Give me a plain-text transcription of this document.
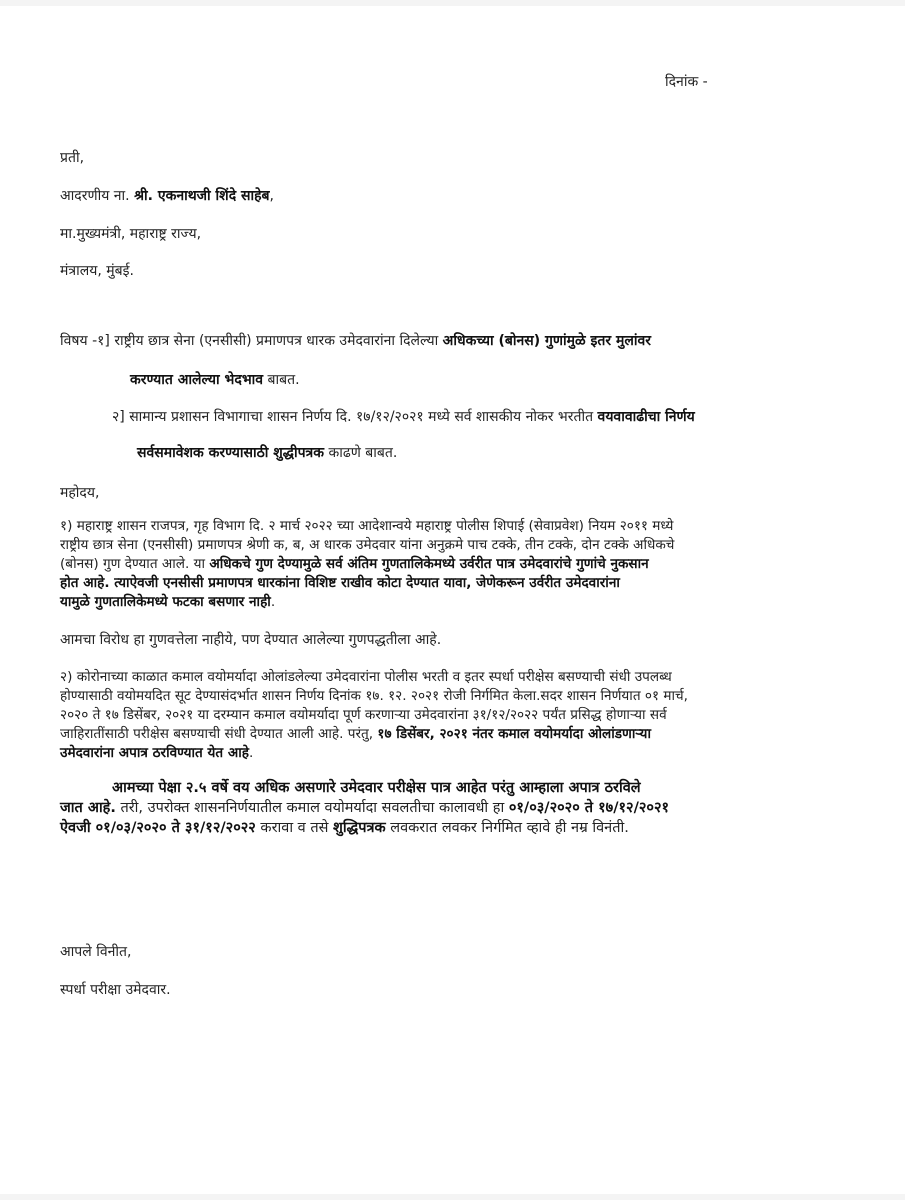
दिनांक -
प्रती,
आदरणीय ना. श्री. एकनाथजी शिंदे साहेब,
मा.मुख्यमंत्री, महाराष्ट्र राज्य,
मंत्रालय, मुंबई.
विषय -१] राष्ट्रीय छात्र सेना (एनसीसी) प्रमाणपत्र धारक उमेदवारांना दिलेल्या अधिकच्या (बोनस) गुणांमुळे इतर मुलांवर
करण्यात आलेल्या भेदभाव बाबत.
२] सामान्य प्रशासन विभागाचा शासन निर्णय दि. १७/१२/२०२१ मध्ये सर्व शासकीय नोकर भरतीत वयवावाढीचा निर्णय
सर्वसमावेशक करण्यासाठी शुद्धीपत्रक काढणे बाबत.
महोदय,
१) महाराष्ट्र शासन राजपत्र, गृह विभाग दि. २ मार्च २०२२ च्या आदेशान्वये महाराष्ट्र पोलीस शिपाई (सेवाप्रवेश) नियम २०११ मध्ये
राष्ट्रीय छात्र सेना (एनसीसी) प्रमाणपत्र श्रेणी क, ब, अ धारक उमेदवार यांना अनुक्रमे पाच टक्के, तीन टक्के, दोन टक्के अधिकचे
(बोनस) गुण देण्यात आले. या अधिकचे गुण देण्यामुळे सर्व अंतिम गुणतालिकेमध्ये उर्वरीत पात्र उमेदवारांचे गुणांचे नुकसान
होत आहे. त्याऐवजी एनसीसी प्रमाणपत्र धारकांना विशिष्ट राखीव कोटा देण्यात यावा, जेणेकरून उर्वरीत उमेदवारांना
यामुळे गुणतालिकेमध्ये फटका बसणार नाही.
आमचा विरोध हा गुणवत्तेला नाहीये, पण देण्यात आलेल्या गुणपद्धतीला आहे.
२) कोरोनाच्या काळात कमाल वयोमर्यादा ओलांडलेल्या उमेदवारांना पोलीस भरती व इतर स्पर्धा परीक्षेस बसण्याची संधी उपलब्ध
होण्यासाठी वयोमयदित सूट देण्यासंदर्भात शासन निर्णय दिनांक १७. १२. २०२१ रोजी निर्गमित केला.सदर शासन निर्णयात ०१ मार्च,
२०२० ते १७ डिसेंबर, २०२१ या दरम्यान कमाल वयोमर्यादा पूर्ण करणाऱ्या उमेदवारांना ३१/१२/२०२२ पर्यंत प्रसिद्ध होणाऱ्या सर्व
जाहिरातींसाठी परीक्षेस बसण्याची संधी देण्यात आली आहे. परंतु, १७ डिसेंबर, २०२१ नंतर कमाल वयोमर्यादा ओलांडणाऱ्या
उमेदवारांना अपात्र ठरविण्यात येत आहे.
आमच्या पेक्षा २.५ वर्षे वय अधिक असणारे उमेदवार परीक्षेस पात्र आहेत परंतु आम्हाला अपात्र ठरविले
जात आहे. तरी, उपरोक्त शासननिर्णयातील कमाल वयोमर्यादा सवलतीचा कालावधी हा ०१/०३/२०२० ते १७/१२/२०२१
ऐवजी ०१/०३/२०२० ते ३१/१२/२०२२ करावा व तसे शुद्धिपत्रक लवकरात लवकर निर्गमित व्हावे ही नम्र विनंती.
आपले विनीत,
स्पर्धा परीक्षा उमेदवार.
